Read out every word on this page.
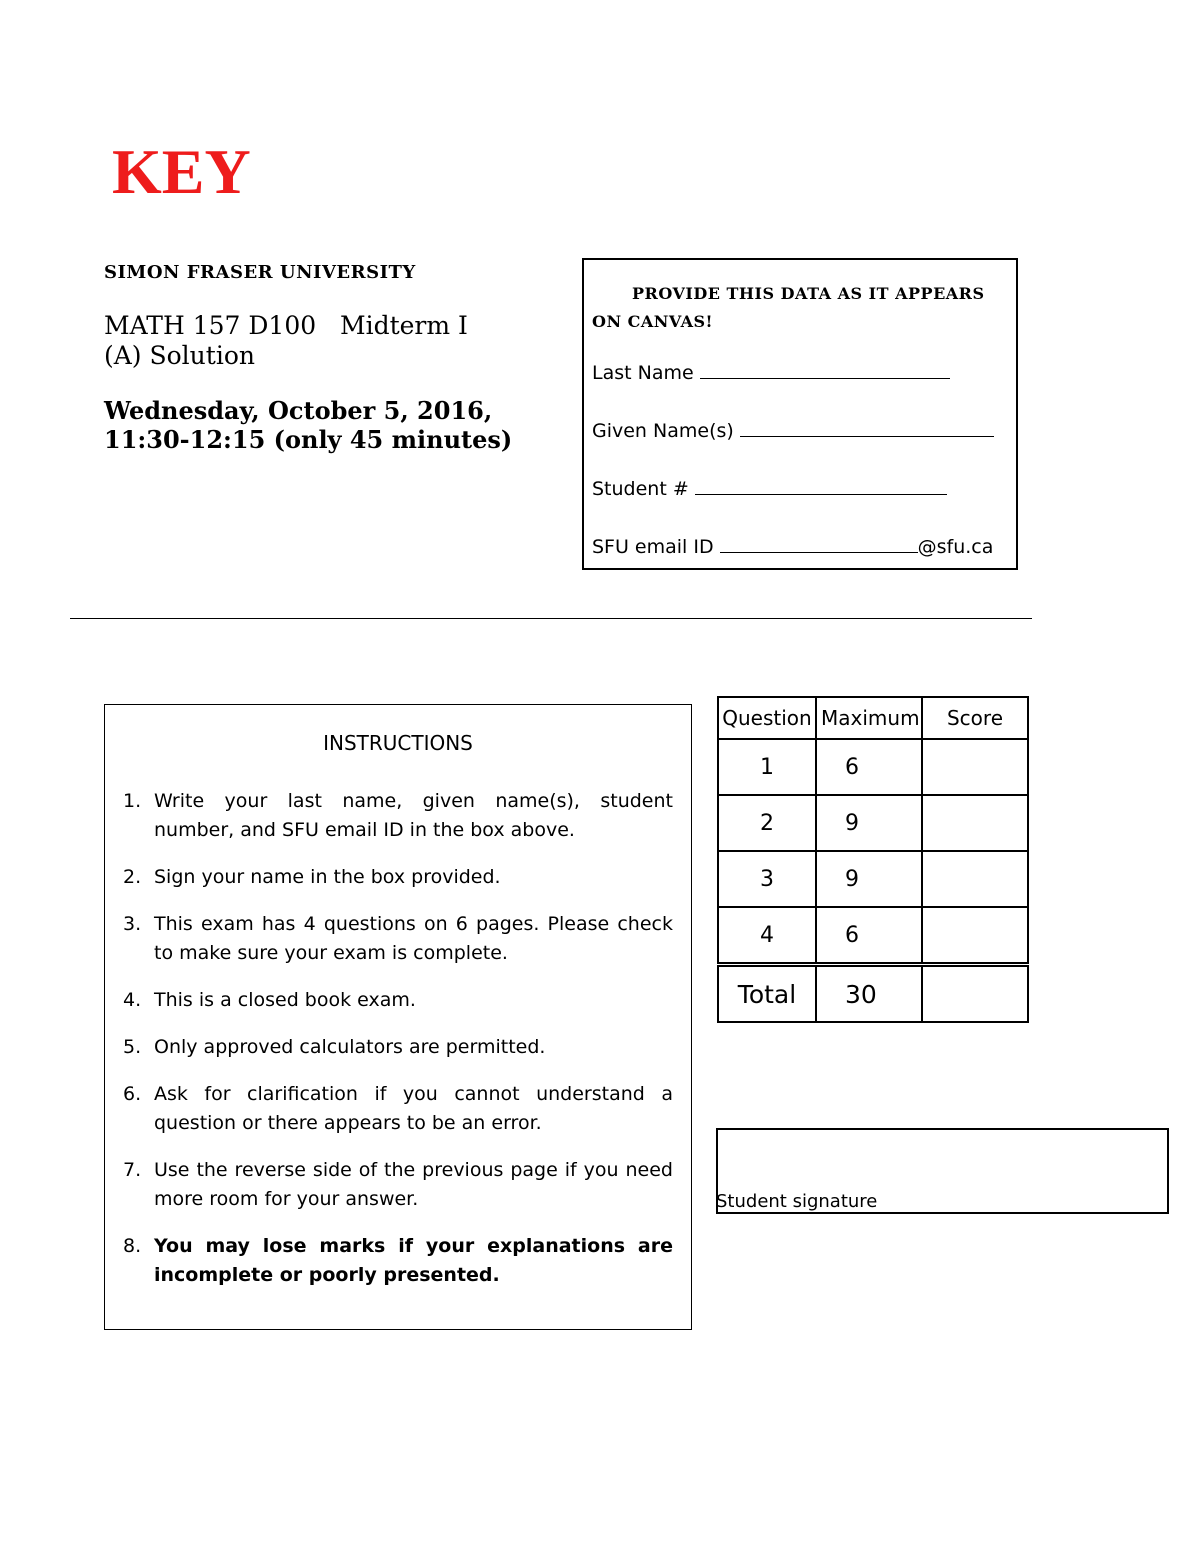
KEY
SIMON FRASER UNIVERSITY
MATH 157 D100   Midterm I
(A) Solution
Wednesday, October 5, 2016,
11:30-12:15 (only 45 minutes)
PROVIDE THIS DATA AS IT APPEARS ON CANVAS!
Last Name
Given Name(s)
Student #
SFU email ID	@sfu.ca
INSTRUCTIONS
1. Write your last name, given name(s), student number, and SFU email ID in the box above.
2. Sign your name in the box provided.
3. This exam has 4 questions on 6 pages. Please check to make sure your exam is complete.
4. This is a closed book exam.
5. Only approved calculators are permitted.
6. Ask for clarification if you cannot understand a question or there appears to be an error.
7. Use the reverse side of the previous page if you need more room for your answer.
8. You may lose marks if your explanations are incomplete or poorly presented.
Question	Maximum	Score
1	6	
2	9	
3	9	
4	6	
Total	30	
Student signature
